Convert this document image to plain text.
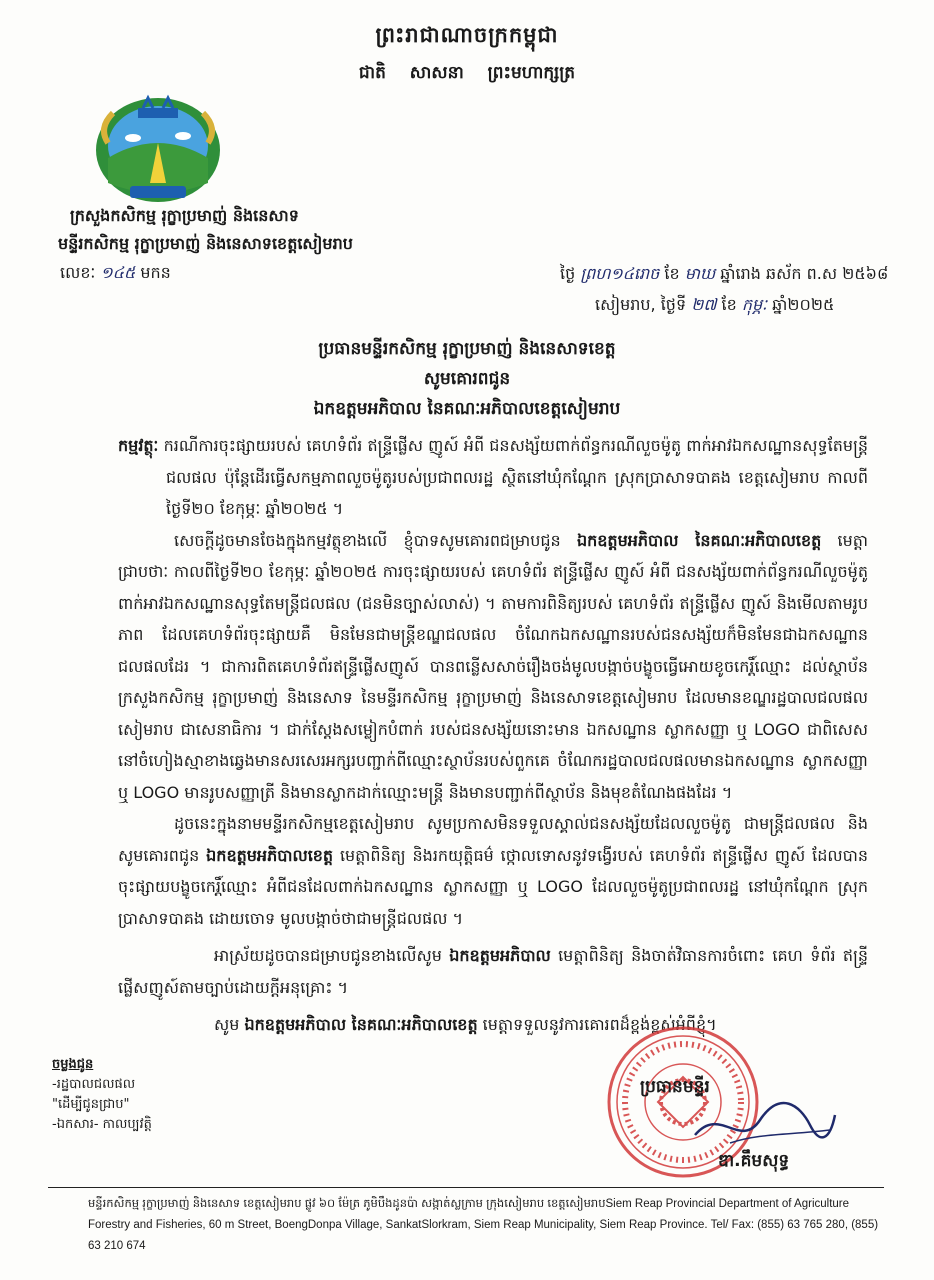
ព្រះរាជាណាចក្រកម្ពុជា
ជាតិ សាសនា ព្រះមហាក្សត្រ
ក្រសួងកសិកម្ម រុក្ខាប្រមាញ់ និងនេសាទ
មន្ទីរកសិកម្ម រុក្ខាប្រមាញ់ និងនេសាទខេត្តសៀមរាប
លេខៈ ១៤៥ មកន	ថ្ងៃ ព្រហ១៤រោច ខែ មាឃ ឆ្នាំរោង ឆស័ក ព.ស ២៥៦៨
សៀមរាប, ថ្ងៃទី ២៧ ខែ កុម្ភៈ ឆ្នាំ២០២៥
ប្រធានមន្ទីរកសិកម្ម រុក្ខាប្រមាញ់ និងនេសាទខេត្ត
សូមគោរពជូន
ឯកឧត្តមអភិបាល នៃគណៈអភិបាលខេត្តសៀមរាប

កម្មវត្ថុៈ ករណីការចុះផ្សាយរបស់ គេហទំព័រ ឥន្ទ្រីផ្លើស ញូស៍ អំពី ជនសង្ស័យពាក់ព័ន្ធករណីលួចម៉ូតូ ពាក់អាវឯកសណ្ឋានសុទ្ធតែមន្ត្រីជលផល ប៉ុន្តែដើរធ្វើសកម្មភាពលួចម៉ូតូរបស់ប្រជាពលរដ្ឋ ស្ថិតនៅឃុំកណ្តែក ស្រុកប្រាសាទបាគង ខេត្តសៀមរាប កាលពីថ្ងៃទី២០ ខែកុម្ភៈ ឆ្នាំ២០២៥ ។

សេចក្តីដូចមានចែងក្នុងកម្មវត្ថុខាងលើ ខ្ញុំបាទសូមគោរពជម្រាបជូន ឯកឧត្តមអភិបាល នៃគណៈអភិបាលខេត្ត មេត្តាជ្រាបថាៈ កាលពីថ្ងៃទី២០ ខែកុម្ភៈ ឆ្នាំ២០២៥ ការចុះផ្សាយរបស់ គេហទំព័រ ឥន្ទ្រីផ្លើស ញូស៍ អំពី ជនសង្ស័យពាក់ព័ន្ធករណីលួចម៉ូតូ ពាក់អាវឯកសណ្ឋានសុទ្ធតែមន្ត្រីជលផល (ជនមិនច្បាស់លាស់) ។ តាមការពិនិត្យរបស់ គេហទំព័រ ឥន្ទ្រីផ្លើស ញូស៍ និងមើលតាមរូបភាព ដែលគេហទំព័រចុះផ្សាយគឺ មិនមែនជាមន្ត្រីខណ្ឌជលផល ចំណែកឯកសណ្ឋានរបស់ជនសង្ស័យក៏មិនមែនជាឯកសណ្ឋានជលផលដែរ ។ ជាការពិតគេហទំព័រឥន្ទ្រីផ្លើសញូស៍ បានពន្លើសសាច់រឿងចង់មូលបង្កាច់បង្ខូចធ្វើអោយខូចកេរ្តិ៍ឈ្មោះ ដល់ស្ថាប័នក្រសួងកសិកម្ម រុក្ខាប្រមាញ់ និងនេសាទ នៃមន្ទីរកសិកម្ម រុក្ខាប្រមាញ់ និងនេសាទខេត្តសៀមរាប ដែលមានខណ្ឌរដ្ឋបាលជលផលសៀមរាប ជាសេនាធិការ ។ ជាក់ស្តែងសម្លៀកបំពាក់ របស់ជនសង្ស័យនោះមាន ឯកសណ្ឋាន ស្លាកសញ្ញា ឬ LOGO ជាពិសេសនៅចំហៀងស្មាខាងឆ្វេងមានសរសេរអក្សរបញ្ជាក់ពីឈ្មោះស្ថាប័នរបស់ពួកគេ ចំណែករដ្ឋបាលជលផលមានឯកសណ្ឋាន ស្លាកសញ្ញា ឬ LOGO មានរូបសញ្ញាត្រី និងមានស្លាកដាក់ឈ្មោះមន្ត្រី និងមានបញ្ជាក់ពីស្ថាប័ន និងមុខតំណែងផងដែរ ។

ដូចនេះក្នុងនាមមន្ទីរកសិកម្មខេត្តសៀមរាប សូមប្រកាសមិនទទួលស្គាល់ជនសង្ស័យដែលលួចម៉ូតូ ជាមន្ត្រីជលផល និងសូមគោរពជូន ឯកឧត្តមអភិបាលខេត្ត មេត្តាពិនិត្យ និងរកយុត្តិធម៌ ថ្កោលទោសនូវទង្វើរបស់ គេហទំព័រ ឥន្ទ្រីផ្លើស ញូស៍ ដែលបានចុះផ្សាយបង្ខូចកេរ្តិ៍ឈ្មោះ អំពីជនដែលពាក់ឯកសណ្ឋាន ស្លាកសញ្ញា ឬ LOGO ដែលលួចម៉ូតូប្រជាពលរដ្ឋ នៅឃុំកណ្តែក ស្រុកប្រាសាទបាគង ដោយចោទ មូលបង្កាច់ថាជាមន្ត្រីជលផល ។

អាស្រ័យដូចបានជម្រាបជូនខាងលើសូម ឯកឧត្តមអភិបាល មេត្តាពិនិត្យ និងចាត់វិធានការចំពោះ គេហ ទំព័រ ឥន្ទ្រីផ្លើសញូស៍តាមច្បាប់ដោយក្តីអនុគ្រោះ ។

សូម ឯកឧត្តមអភិបាល នៃគណៈអភិបាលខេត្ត មេត្តាទទួលនូវការគោរពដ៏ខ្ពង់ខ្ពស់អំពីខ្ញុំ។

ចម្លងជូន
-រដ្ឋបាលជលផល
"ដើម្បីជូនជ្រាប"
-ឯកសារ- កាលប្បវត្តិ
ប្រធានមន្ទីរ
ឌា.គឹមសុទ្ធ
មន្ទីរកសិកម្ម រុក្ខាប្រមាញ់ និងនេសាទ ខេត្តសៀមរាប ផ្លូវ ៦០ ម៉ែត្រ ភូមិបឹងដូនប៉ា សង្កាត់ស្លក្រាម ក្រុងសៀមរាប ខេត្តសៀមរាបSiem Reap Provincial Department of Agriculture Forestry and Fisheries, 60 m Street, BoengDonpa Village, SankatSlorkram, Siem Reap Municipality, Siem Reap Province. Tel/ Fax: (855) 63 765 280, (855) 63 210 674
